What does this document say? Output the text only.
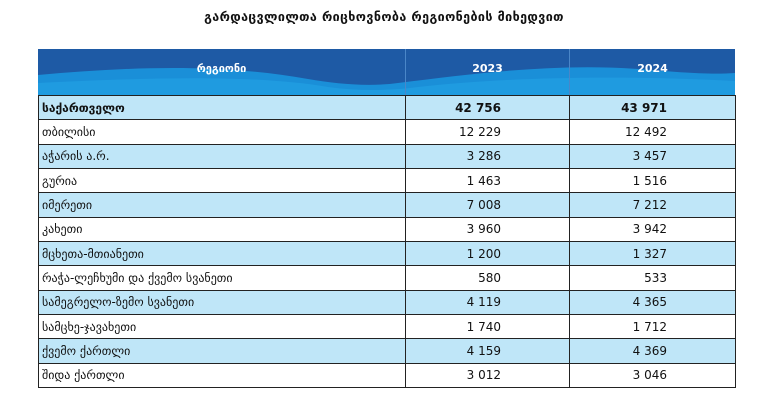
გარდაცვლილთა რიცხოვნობა რეგიონების მიხედვით
რეგიონი	2023	2024
საქართველო	42 756	43 971
თბილისი	12 229	12 492
აჭარის ა.რ.	3 286	3 457
გურია	1 463	1 516
იმერეთი	7 008	7 212
კახეთი	3 960	3 942
მცხეთა-მთიანეთი	1 200	1 327
რაჭა-ლეჩხუმი და ქვემო სვანეთი	580	533
სამეგრელო-ზემო სვანეთი	4 119	4 365
სამცხე-ჯავახეთი	1 740	1 712
ქვემო ქართლი	4 159	4 369
შიდა ქართლი	3 012	3 046
